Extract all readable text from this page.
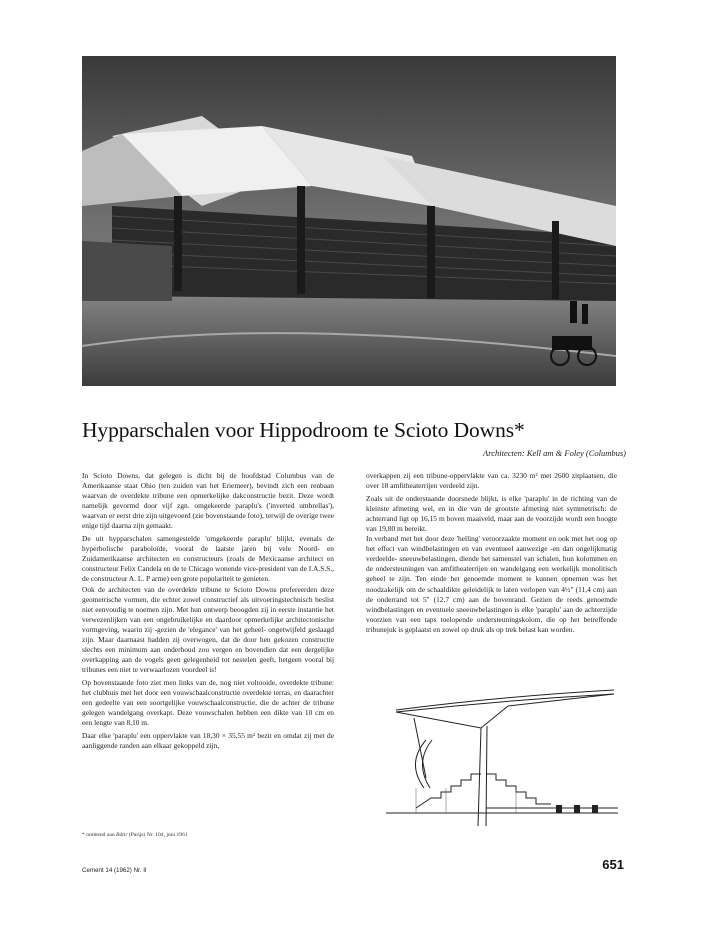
Hypparschalen voor Hippodroom te Scioto Downs*
Architecten: Kell am & Foley (Columbus)

In Scioto Downs, dat gelegen is dicht bij de hoofdstad Columbus van de Amerikaanse staat Ohio (ten zuiden van het Eriemeer), bevindt zich een renbaan waarvan de overdekte tribune een opmerkelijke dakconstructie bezit. Deze wordt namelijk gevormd door vijf zgn. omgekeerde paraplu's ('inverted umbrellas'), waarvan er eerst drie zijn uitgevoerd (zie bovenstaande foto), terwijl de overige twee enige tijd daarna zijn gemaakt.

De uit hypparschalen samengestelde 'omgekeerde paraplu' blijkt, evenals de hyperbolische paraboloïde, vooral de laatste jaren bij vele Noord- en Zuidamerikaanse architecten en constructeurs (zoals de Mexicaanse architect en constructeur Felix Candela en de te Chicago wonende vice-president van de I.A.S.S., de constructeur A. L. P arme) een grote populariteit te genieten.

Ook de architecten van de overdekte tribune te Scioto Downs prefereerden deze geometrische vormen, die echter zowel constructief als uitvoeringstechnisch beslist niet eenvoudig te noemen zijn. Met hun ontwerp beoogden zij in eerste instantie het verwezenlijken van een ongebruikelijke en daardoor opmerkelijke architectonische vormgeving, waarin zij -gezien de 'elegance' van het geheel- ongetwijfeld geslaagd zijn. Maar daarnaast hadden zij overwogen, dat de door hen gekozen constructie slechts een minimum aan onderhoud zou vergen en bovendien dat een dergelijke overkapping aan de vogels geen gelegenheid tot nestelen geeft, hetgeen vooral bij tribunes een niet te verwaarlozen voordeel is!

Op bovenstaande foto ziet men links van de, nog niet voltooide, overdekte tribune: het clubhuis met het door een vouwschaalconstructie overdekte terras, en daarachter een gedeelte van een soortgelijke vouwschaalconstructie, die de achter de tribune gelegen wandelgang overkapt. Deze vouwschalen hebben een dikte van 10 cm en een lengte van 8,10 m.

Daar elke 'paraplu' een oppervlakte van 18,30 × 35,55 m² bezit en omdat zij met de aanliggende randen aan elkaar gekoppeld zijn,

overkappen zij een tribune-oppervlakte van ca. 3230 m² met 2600 zitplaatsen, die over 18 amfitheaterrijen verdeeld zijn.

Zoals uit de onderstaande doorsnede blijkt, is elke 'paraplu' in de richting van de kleinste afmeting wel, en in die van de grootste afmeting niet symmetrisch: de achterrand ligt op 16,15 m boven maaiveld, maar aan de voorzijde wordt een hoogte van 19,80 m bereikt.

In verband met het door deze 'helling' veroorzaakte moment en ook met het oog op het effect van windbelastingen en van eventueel aanwezige -en dan ongelijkmatig verdeelde- sneeuwbelastingen, diende het samenstel van schalen, hun kolommen en de ondersteuningen van amfitheaterrijen en wandelgang een werkelijk monolitisch geheel te zijn. Ten einde het genoemde moment te kunnen opnemen was het noodzakelijk om de schaaldikte geleidelijk te laten verlopen van 4½" (11,4 cm) aan de onderrand tot 5" (12,7 cm) aan de bovenrand. Gezien de reeds genoemde windbelastingen en eventuele sneeuwbelastingen is elke 'paraplu' aan de achterzijde voorzien van een taps toelopende ondersteuningskolom, die op het betreffende tribunejuk is geplaatst en zowel op druk als op trek belast kan worden.

* ontleend aan Bâtir (Parijs) Nr. 104, juni 1961
Cement 14 (1962) Nr. II	651
